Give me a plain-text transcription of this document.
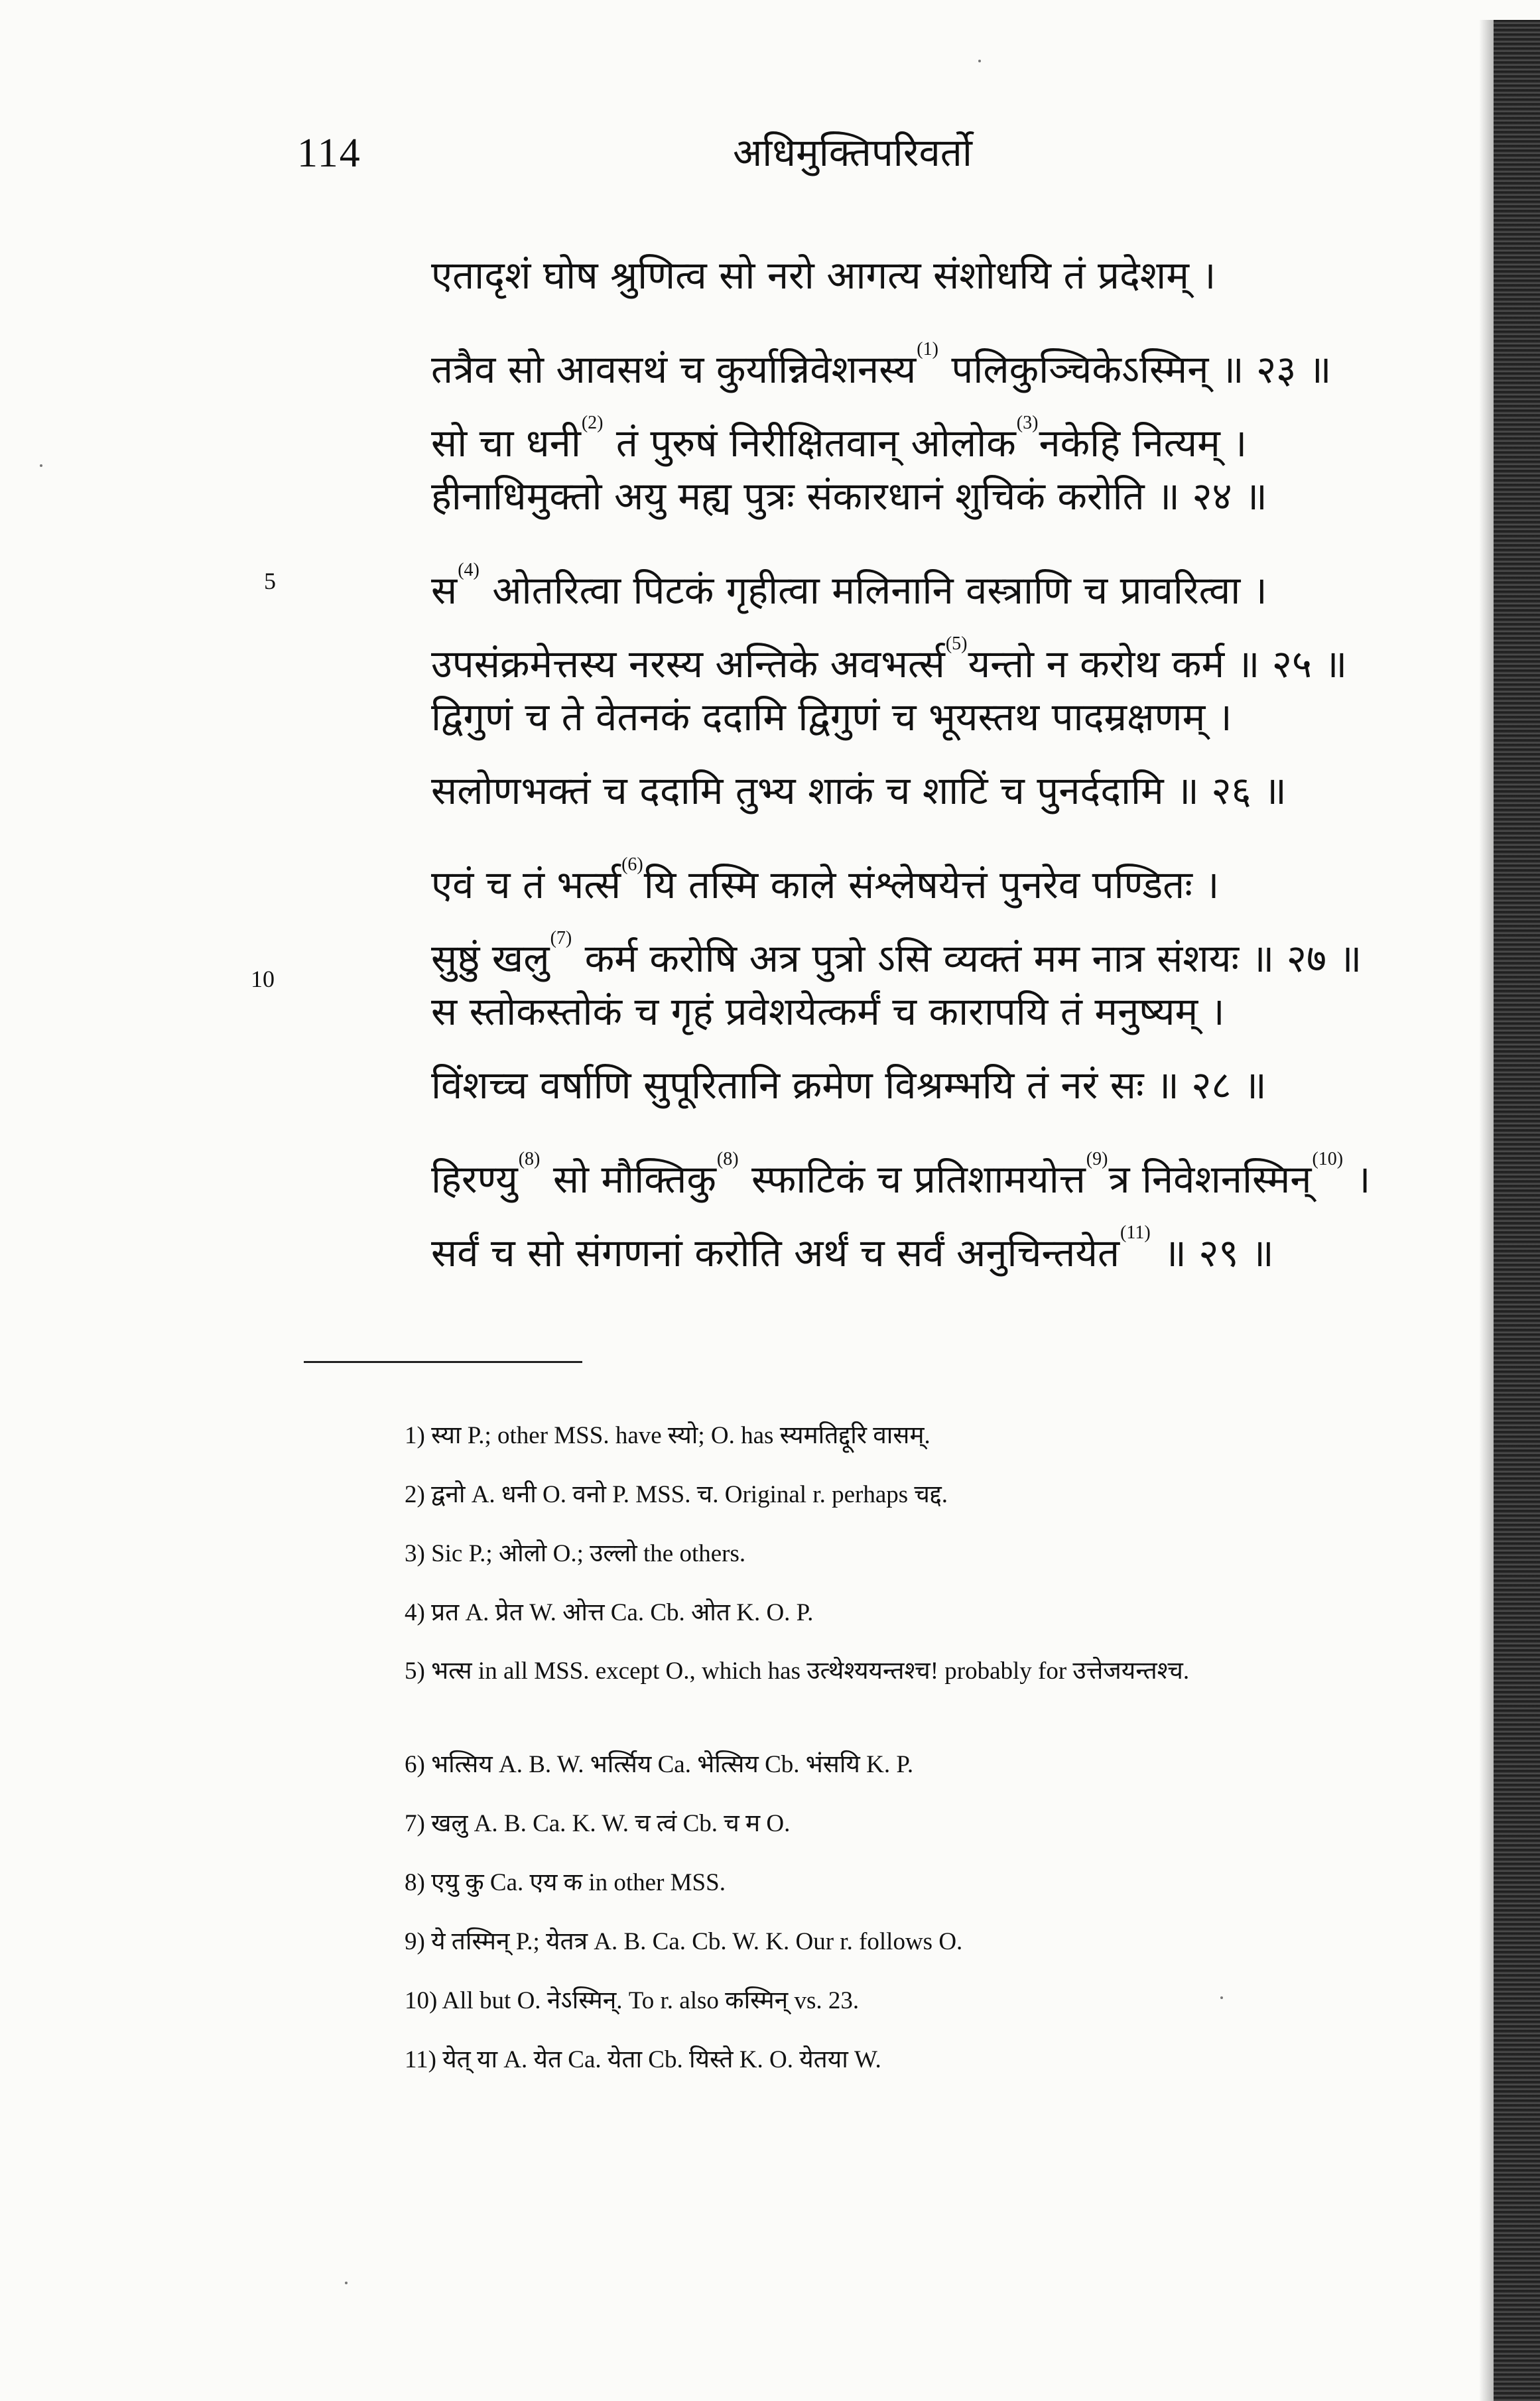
114	अधिमुक्तिपरिवर्तो
5
10
एतादृशं घोष श्रुणित्व सो नरो आगत्य संशोधयि तं प्रदेशम् ।
तत्रैव सो आवसथं च कुर्यान्निवेशनस्य$^{(1)}$ पलिकुञ्चिकेऽस्मिन् ॥ २३ ॥
सो चा धनी$^{(2)}$ तं पुरुषं निरीक्षितवान् ओलोक$^{(3)}$नकेहि नित्यम् ।
हीनाधिमुक्तो अयु मह्य पुत्रः संकारधानं शुचिकं करोति ॥ २४ ॥
स$^{(4)}$ ओतरित्वा पिटकं गृहीत्वा मलिनानि वस्त्राणि च प्रावरित्वा ।
उपसंक्रमेत्तस्य नरस्य अन्तिके अवभर्त्स$^{(5)}$यन्तो न करोथ कर्म ॥ २५ ॥
द्विगुणं च ते वेतनकं ददामि द्विगुणं च भूयस्तथ पादम्रक्षणम् ।
सलोणभक्तं च ददामि तुभ्य शाकं च शाटिं च पुनर्ददामि ॥ २६ ॥
एवं च तं भर्त्स$^{(6)}$यि तस्मि काले संश्लेषयेत्तं पुनरेव पण्डितः ।
सुष्ठुं खलु$^{(7)}$ कर्म करोषि अत्र पुत्रो ऽसि व्यक्तं मम नात्र संशयः ॥ २७ ॥
स स्तोकस्तोकं च गृहं प्रवेशयेत्कर्मं च कारापयि तं मनुष्यम् ।
विंशच्च वर्षाणि सुपूरितानि क्रमेण विश्रम्भयि तं नरं सः ॥ २८ ॥
हिरण्यु$^{(8)}$ सो मौक्तिकु$^{(8)}$ स्फाटिकं च प्रतिशामयोत्त$^{(9)}$त्र निवेशनस्मिन्$^{(10)}$ ।
सर्वं च सो संगणनां करोति अर्थं च सर्वं अनुचिन्तयेत$^{(11)}$ ॥ २९ ॥
1) स्या P.; other MSS. have स्यो; O. has स्यमतिद्दूरि वासम्.
2) द्वनो A. धनी O. वनो P. MSS. च. Original r. perhaps चद्द.
3) Sic P.; ओलो O.; उल्लो the others.
4) प्रत A. प्रेत W. ओत्त Ca. Cb. ओत K. O. P.
5) भत्स in all MSS. except O., which has उत्थेश्ययन्तश्च! probably for उत्तेजयन्तश्च.
6) भत्सिय A. B. W. भर्त्सिय Ca. भेत्सिय Cb. भंसयि K. P.
7) खलु A. B. Ca. K. W. च त्वं Cb. च म O.
8) एयु कु Ca. एय क in other MSS.
9) ये तस्मिन् P.; येतत्र A. B. Ca. Cb. W. K. Our r. follows O.
10) All but O. नेऽस्मिन्. To r. also कस्मिन् vs. 23.
11) येत् या A. येत Ca. येता Cb. यिस्ते K. O. येतया W.
